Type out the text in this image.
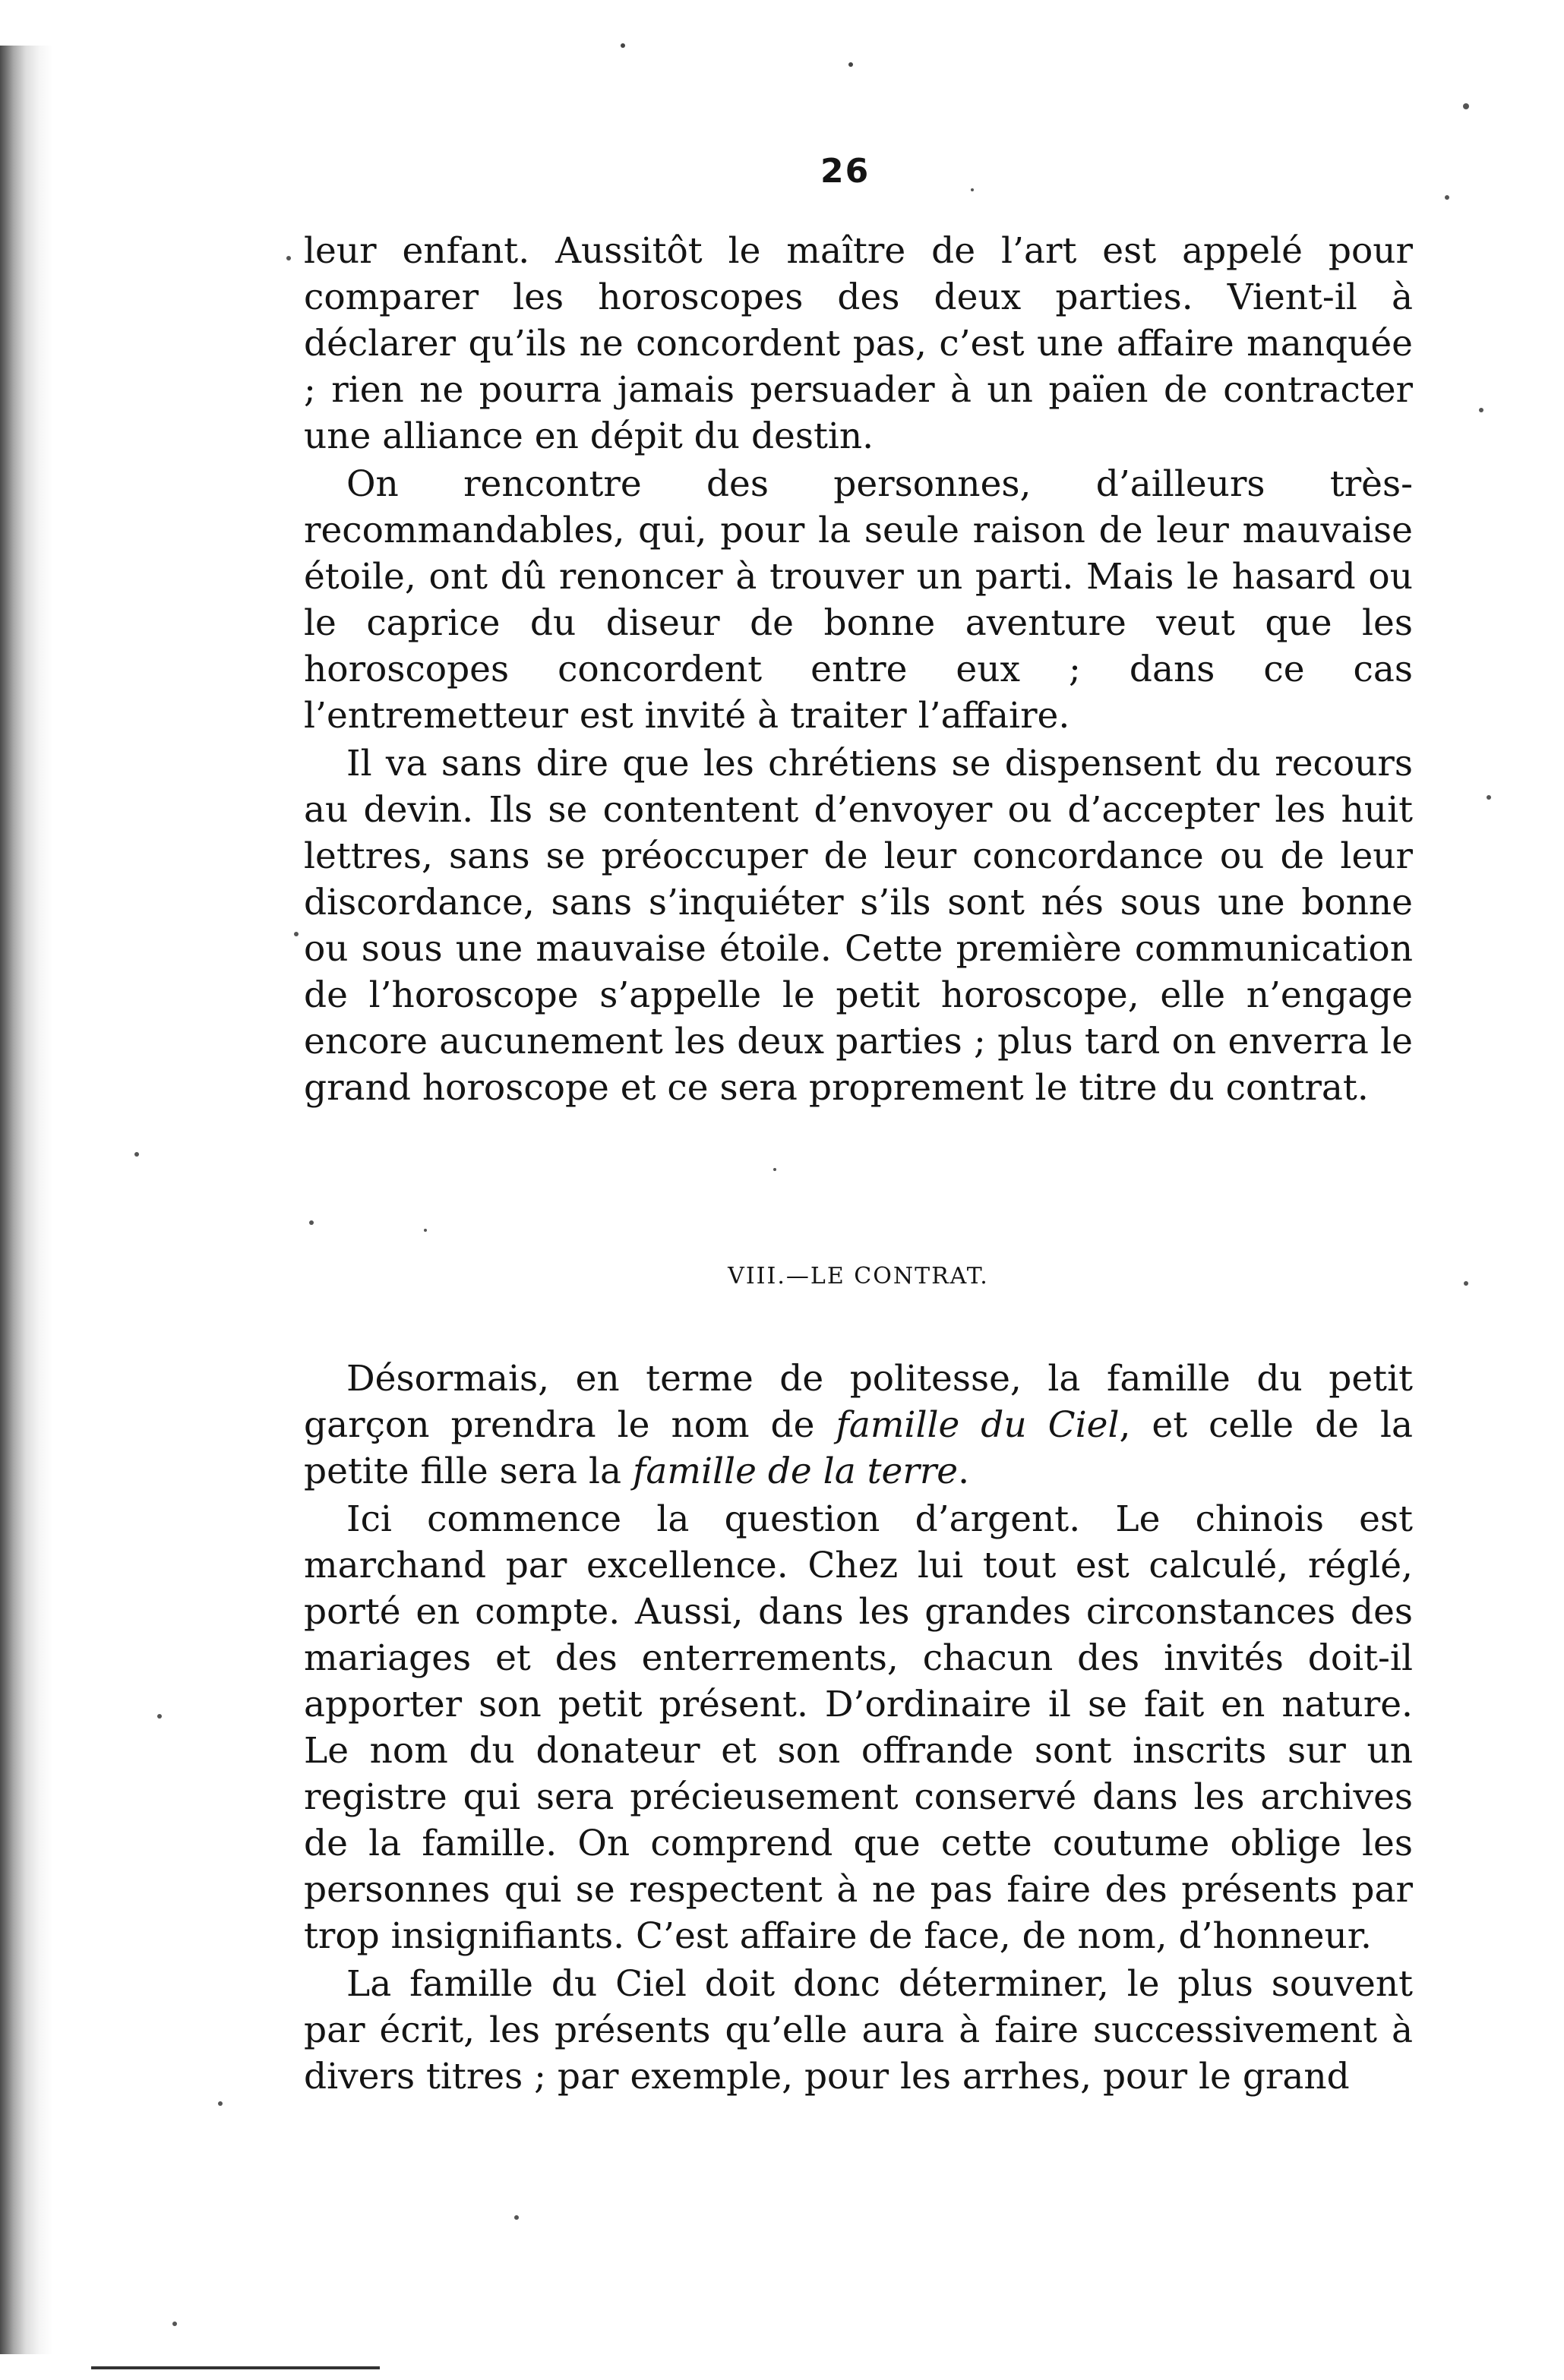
26

leur enfant. Aussitôt le maître de l’art est appelé pour comparer les horoscopes des deux parties. Vient-il à déclarer qu’ils ne concordent pas, c’est une affaire manquée ; rien ne pourra jamais persuader à un païen de contracter une alliance en dépit du destin.

On rencontre des personnes, d’ailleurs très-recommandables, qui, pour la seule raison de leur mauvaise étoile, ont dû renoncer à trouver un parti. Mais le hasard ou le caprice du diseur de bonne aventure veut que les horoscopes concordent entre eux ; dans ce cas l’entremetteur est invité à traiter l’affaire.

Il va sans dire que les chrétiens se dispensent du recours au devin. Ils se contentent d’envoyer ou d’accepter les huit lettres, sans se préoccuper de leur concordance ou de leur discordance, sans s’inquiéter s’ils sont nés sous une bonne ou sous une mauvaise étoile. Cette première communication de l’horoscope s’appelle le petit horoscope, elle n’engage encore aucunement les deux parties ; plus tard on enverra le grand horoscope et ce sera proprement le titre du contrat.

VIII.—LE CONTRAT.

Désormais, en terme de politesse, la famille du petit garçon prendra le nom de famille du Ciel, et celle de la petite fille sera la famille de la terre.

Ici commence la question d’argent. Le chinois est marchand par excellence. Chez lui tout est calculé, réglé, porté en compte. Aussi, dans les grandes circonstances des mariages et des enterrements, chacun des invités doit-il apporter son petit présent. D’ordinaire il se fait en nature. Le nom du donateur et son offrande sont inscrits sur un registre qui sera précieusement conservé dans les archives de la famille. On comprend que cette coutume oblige les personnes qui se respectent à ne pas faire des présents par trop insignifiants. C’est affaire de face, de nom, d’honneur.

La famille du Ciel doit donc déterminer, le plus souvent par écrit, les présents qu’elle aura à faire successivement à divers titres ; par exemple, pour les arrhes, pour le grand
